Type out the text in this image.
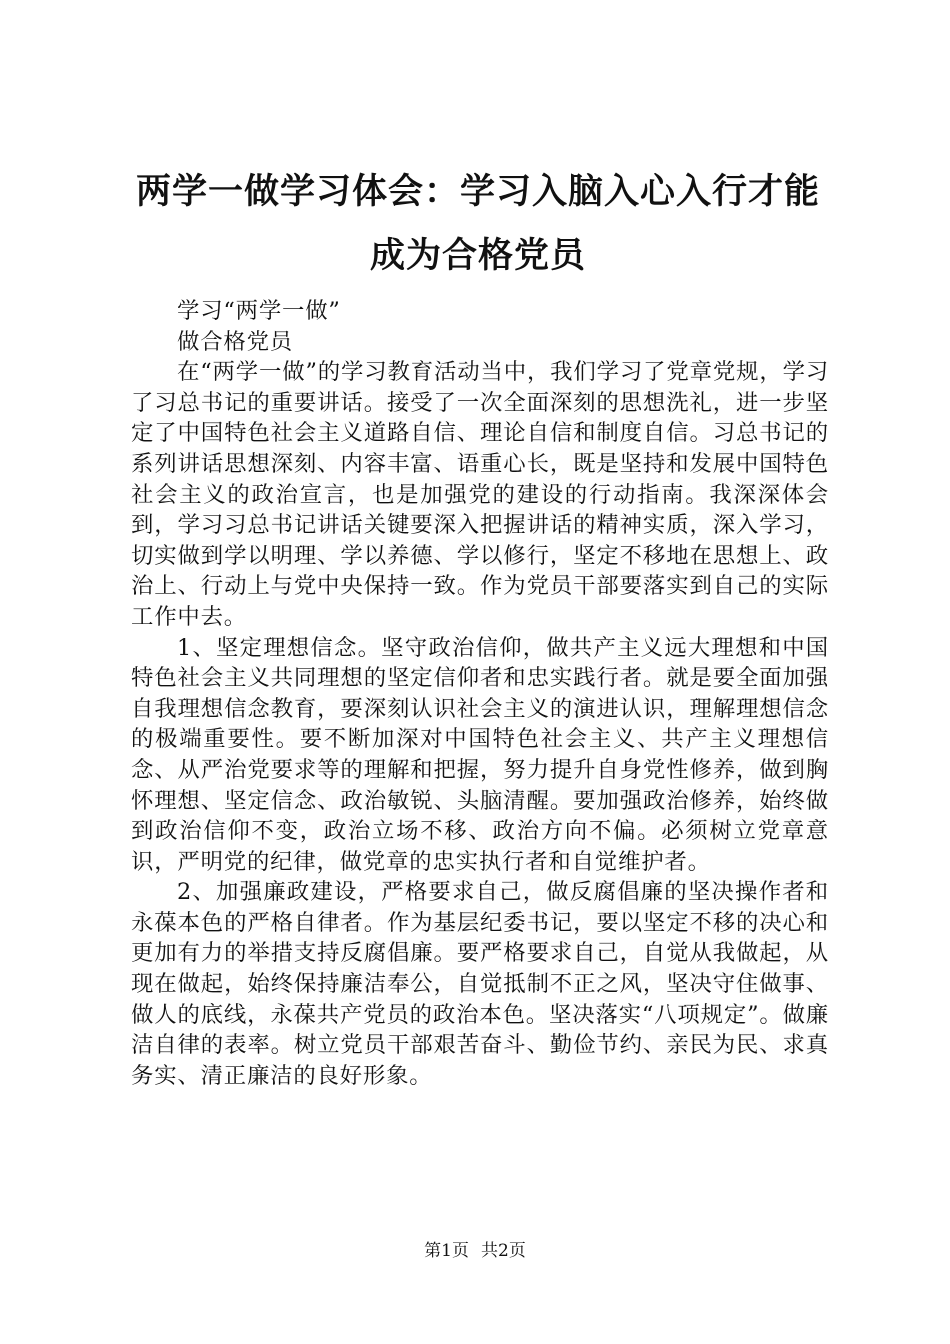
两学一做学习体会：学习入脑入心入行才能成为合格党员

学习“两学一做”

做合格党员

在“两学一做”的学习教育活动当中，我们学习了党章党规，学习了习总书记的重要讲话。接受了一次全面深刻的思想洗礼，进一步坚定了中国特色社会主义道路自信、理论自信和制度自信。习总书记的系列讲话思想深刻、内容丰富、语重心长，既是坚持和发展中国特色社会主义的政治宣言，也是加强党的建设的行动指南。我深深体会到，学习习总书记讲话关键要深入把握讲话的精神实质，深入学习，切实做到学以明理、学以养德、学以修行，坚定不移地在思想上、政治上、行动上与党中央保持一致。作为党员干部要落实到自己的实际工作中去。

1、坚定理想信念。坚守政治信仰，做共产主义远大理想和中国特色社会主义共同理想的坚定信仰者和忠实践行者。就是要全面加强自我理想信念教育，要深刻认识社会主义的演进认识，理解理想信念的极端重要性。要不断加深对中国特色社会主义、共产主义理想信念、从严治党要求等的理解和把握，努力提升自身党性修养，做到胸怀理想、坚定信念、政治敏锐、头脑清醒。要加强政治修养，始终做到政治信仰不变，政治立场不移、政治方向不偏。必须树立党章意识，严明党的纪律，做党章的忠实执行者和自觉维护者。

2、加强廉政建设，严格要求自己，做反腐倡廉的坚决操作者和永葆本色的严格自律者。作为基层纪委书记，要以坚定不移的决心和更加有力的举措支持反腐倡廉。要严格要求自己，自觉从我做起，从现在做起，始终保持廉洁奉公，自觉抵制不正之风，坚决守住做事、做人的底线，永葆共产党员的政治本色。坚决落实“八项规定”。做廉洁自律的表率。树立党员干部艰苦奋斗、勤俭节约、亲民为民、求真务实、清正廉洁的良好形象。

第1页 共2页
